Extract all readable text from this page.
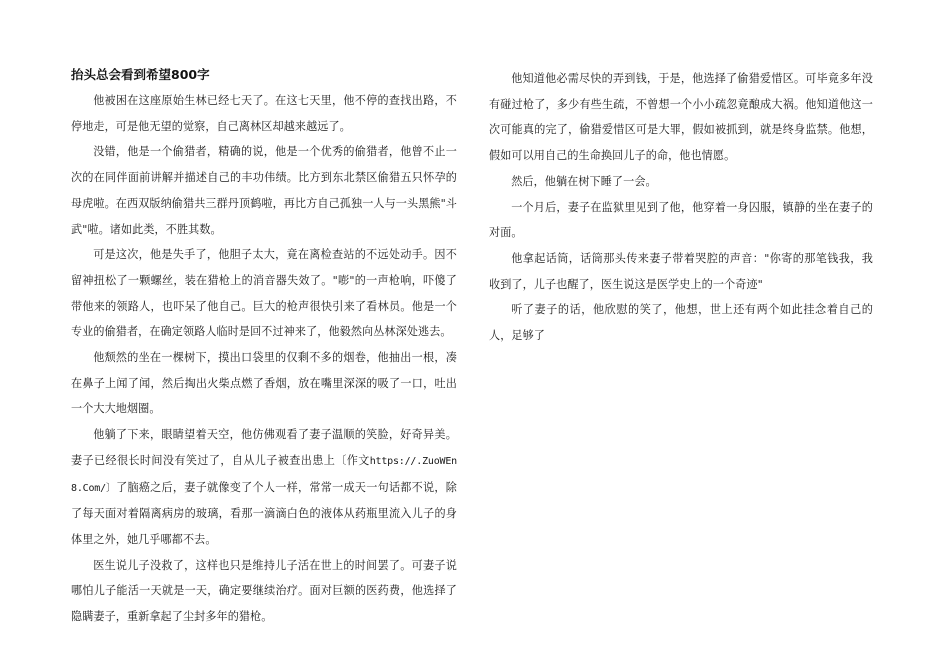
抬头总会看到希望800字

他被困在这座原始生林已经七天了。在这七天里，他不停的查找出路，不停地走，可是他无望的觉察，自己离林区却越来越远了。

没错，他是一个偷猎者，精确的说，他是一个优秀的偷猎者，他曾不止一次的在同伴面前讲解并描述自己的丰功伟绩。比方到东北禁区偷猎五只怀孕的母虎啦。在西双版纳偷猎共三群丹顶鹤啦，再比方自己孤独一人与一头黑熊"斗武"啦。诸如此类，不胜其数。

可是这次，他是失手了，他胆子太大，竟在离检查站的不远处动手。因不留神扭松了一颗螺丝，装在猎枪上的消音器失效了。"嘭"的一声枪响，吓傻了带他来的领路人，也吓呆了他自己。巨大的枪声很快引来了看林员。他是一个专业的偷猎者，在确定领路人临时是回不过神来了，他毅然向丛林深处逃去。

他颓然的坐在一棵树下，摸出口袋里的仅剩不多的烟卷，他抽出一根，凑在鼻子上闻了闻，然后掏出火柴点燃了香烟，放在嘴里深深的吸了一口，吐出一个大大地烟圈。

他躺了下来，眼睛望着天空，他仿佛观看了妻子温顺的笑脸，好奇异美。妻子已经很长时间没有笑过了，自从儿子被查出患上〔作文https://.ZuoWEn8.Com/〕了脑癌之后，妻子就像变了个人一样，常常一成天一句话都不说，除了每天面对着隔离病房的玻璃，看那一滴滴白色的液体从药瓶里流入儿子的身体里之外，她几乎哪都不去。

医生说儿子没救了，这样也只是维持儿子活在世上的时间罢了。可妻子说哪怕儿子能活一天就是一天，确定要继续治疗。面对巨额的医药费，他选择了隐瞒妻子，重新拿起了尘封多年的猎枪。

他知道他必需尽快的弄到钱，于是，他选择了偷猎爱惜区。可毕竟多年没有碰过枪了，多少有些生疏，不曾想一个小小疏忽竟酿成大祸。他知道他这一次可能真的完了，偷猎爱惜区可是大罪，假如被抓到，就是终身监禁。他想，假如可以用自己的生命换回儿子的命，他也情愿。

然后，他躺在树下睡了一会。

一个月后，妻子在监狱里见到了他，他穿着一身囚服，镇静的坐在妻子的对面。

他拿起话筒，话筒那头传来妻子带着哭腔的声音："你寄的那笔钱我，我收到了，儿子也醒了，医生说这是医学史上的一个奇迹"

听了妻子的话，他欣慰的笑了，他想，世上还有两个如此挂念着自己的人，足够了
